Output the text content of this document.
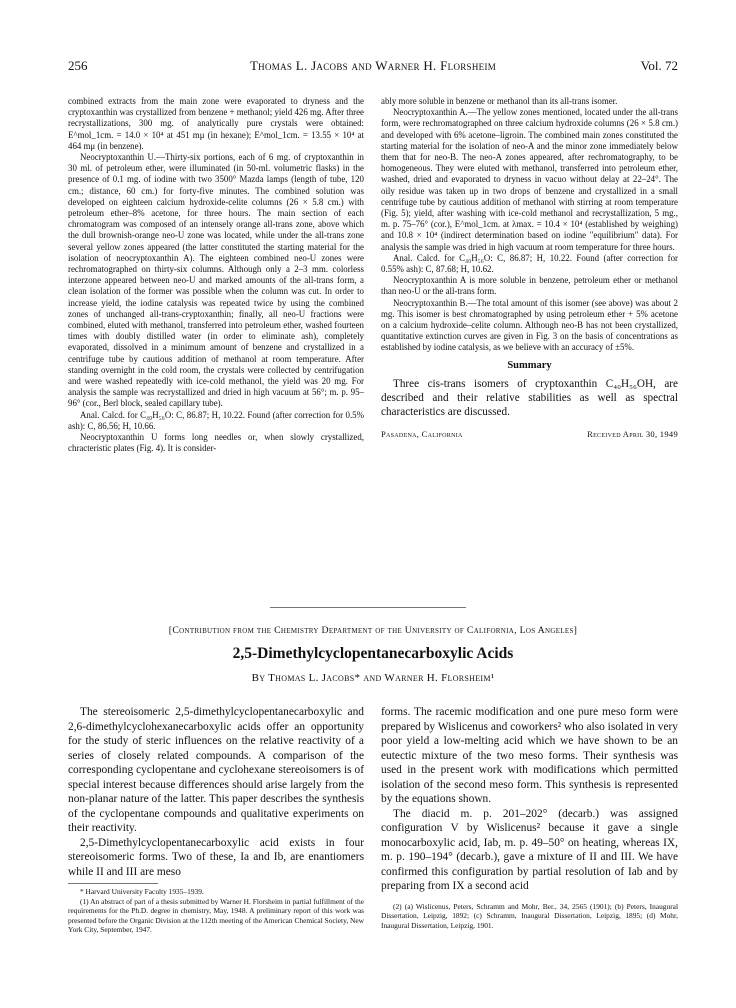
256	Thomas L. Jacobs and Warner H. Florsheim	Vol. 72

combined extracts from the main zone were evaporated to dryness and the cryptoxanthin was crystallized from benzene + methanol; yield 426 mg. After three recrystallizations, 300 mg. of analytically pure crystals were obtained: E^mol_1cm. = 14.0 × 10⁴ at 451 mμ (in hexane); E^mol_1cm. = 13.55 × 10⁴ at 464 mμ (in benzene).

Neocryptoxanthin U.—Thirty-six portions, each of 6 mg. of cryptoxanthin in 30 ml. of petroleum ether, were illuminated (in 50-ml. volumetric flasks) in the presence of 0.1 mg. of iodine with two 3500° Mazda lamps (length of tube, 120 cm.; distance, 60 cm.) for forty-five minutes. The combined solution was developed on eighteen calcium hydroxide-celite columns (26 × 5.8 cm.) with petroleum ether–8% acetone, for three hours. The main section of each chromatogram was composed of an intensely orange all-trans zone, above which the dull brownish-orange neo-U zone was located, while under the all-trans zone several yellow zones appeared (the latter constituted the starting material for the isolation of neocryptoxanthin A). The eighteen combined neo-U zones were rechromatographed on thirty-six columns. Although only a 2–3 mm. colorless interzone appeared between neo-U and marked amounts of the all-trans form, a clean isolation of the former was possible when the column was cut. In order to increase yield, the iodine catalysis was repeated twice by using the combined zones of unchanged all-trans-cryptoxanthin; finally, all neo-U fractions were combined, eluted with methanol, transferred into petroleum ether, washed fourteen times with doubly distilled water (in order to eliminate ash), completely evaporated, dissolved in a minimum amount of benzene and crystallized in a centrifuge tube by cautious addition of methanol at room temperature. After standing overnight in the cold room, the crystals were collected by centrifugation and were washed repeatedly with ice-cold methanol, the yield was 20 mg. For analysis the sample was recrystallized and dried in high vacuum at 56°; m. p. 95–96° (cor., Berl block, sealed capillary tube).

Anal. Calcd. for C₄₀H₅₆O: C, 86.87; H, 10.22. Found (after correction for 0.5% ash): C, 86.56; H, 10.66.

Neocryptoxanthin U forms long needles or, when slowly crystallized, chracteristic plates (Fig. 4). It is consider-

ably more soluble in benzene or methanol than its all-trans isomer.

Neocryptoxanthin A.—The yellow zones mentioned, located under the all-trans form, were rechromatographed on three calcium hydroxide columns (26 × 5.8 cm.) and developed with 6% acetone–ligroin. The combined main zones constituted the starting material for the isolation of neo-A and the minor zone immediately below them that for neo-B. The neo-A zones appeared, after rechromatography, to be homogeneous. They were eluted with methanol, transferred into petroleum ether, washed, dried and evaporated to dryness in vacuo without delay at 22–24°. The oily residue was taken up in two drops of benzene and crystallized in a small centrifuge tube by cautious addition of methanol with stirring at room temperature (Fig. 5); yield, after washing with ice-cold methanol and recrystallization, 5 mg., m. p. 75–76° (cor.), E^mol_1cm. at λmax. = 10.4 × 10⁴ (established by weighing) and 10.8 × 10⁴ (indirect determination based on iodine "equilibrium" data). For analysis the sample was dried in high vacuum at room temperature for three hours.

Anal. Calcd. for C₄₀H₅₆O: C, 86.87; H, 10.22. Found (after correction for 0.55% ash): C, 87.68; H, 10.62.

Neocryptoxanthin A is more soluble in benzene, petroleum ether or methanol than neo-U or the all-trans form.

Neocryptoxanthin B.—The total amount of this isomer (see above) was about 2 mg. This isomer is best chromatographed by using petroleum ether + 5% acetone on a calcium hydroxide–celite column. Although neo-B has not been crystallized, quantitative extinction curves are given in Fig. 3 on the basis of concentrations as established by iodine catalysis, as we believe with an accuracy of ±5%.

Summary

Three cis-trans isomers of cryptoxanthin C₄₀H₅₆OH, are described and their relative stabilities as well as spectral characteristics are discussed.

Pasadena, California	Received April 30, 1949
[Contribution from the Chemistry Department of the University of California, Los Angeles]
2,5-Dimethylcyclopentanecarboxylic Acids
By Thomas L. Jacobs* and Warner H. Florsheim¹

The stereoisomeric 2,5-dimethylcyclopentanecarboxylic and 2,6-dimethylcyclohexanecarboxylic acids offer an opportunity for the study of steric influences on the relative reactivity of a series of closely related compounds. A comparison of the corresponding cyclopentane and cyclohexane stereoisomers is of special interest because differences should arise largely from the non-planar nature of the latter. This paper describes the synthesis of the cyclopentane compounds and qualitative experiments on their reactivity.

2,5-Dimethylcyclopentanecarboxylic acid exists in four stereoisomeric forms. Two of these, Ia and Ib, are enantiomers while II and III are meso

* Harvard University Faculty 1935–1939.

(1) An abstract of part of a thesis submitted by Warner H. Florsheim in partial fulfillment of the requirements for the Ph.D. degree in chemistry, May, 1948. A preliminary report of this work was presented before the Organic Division at the 112th meeting of the American Chemical Society, New York City, September, 1947.

forms. The racemic modification and one pure meso form were prepared by Wislicenus and coworkers² who also isolated in very poor yield a low-melting acid which we have shown to be an eutectic mixture of the two meso forms. Their synthesis was used in the present work with modifications which permitted isolation of the second meso form. This synthesis is represented by the equations shown.

The diacid m. p. 201–202° (decarb.) was assigned configuration V by Wislicenus² because it gave a single monocarboxylic acid, Iab, m. p. 49–50° on heating, whereas IX, m. p. 190–194° (decarb.), gave a mixture of II and III. We have confirmed this configuration by partial resolution of Iab and by preparing from IX a second acid

(2) (a) Wislicenus, Peters, Schramm and Mohr, Ber., 34, 2565 (1901); (b) Peters, Inaugural Dissertation, Leipzig, 1892; (c) Schramm, Inaugural Dissertation, Leipzig, 1895; (d) Mohr, Inaugural Dissertation, Leipzig, 1901.
